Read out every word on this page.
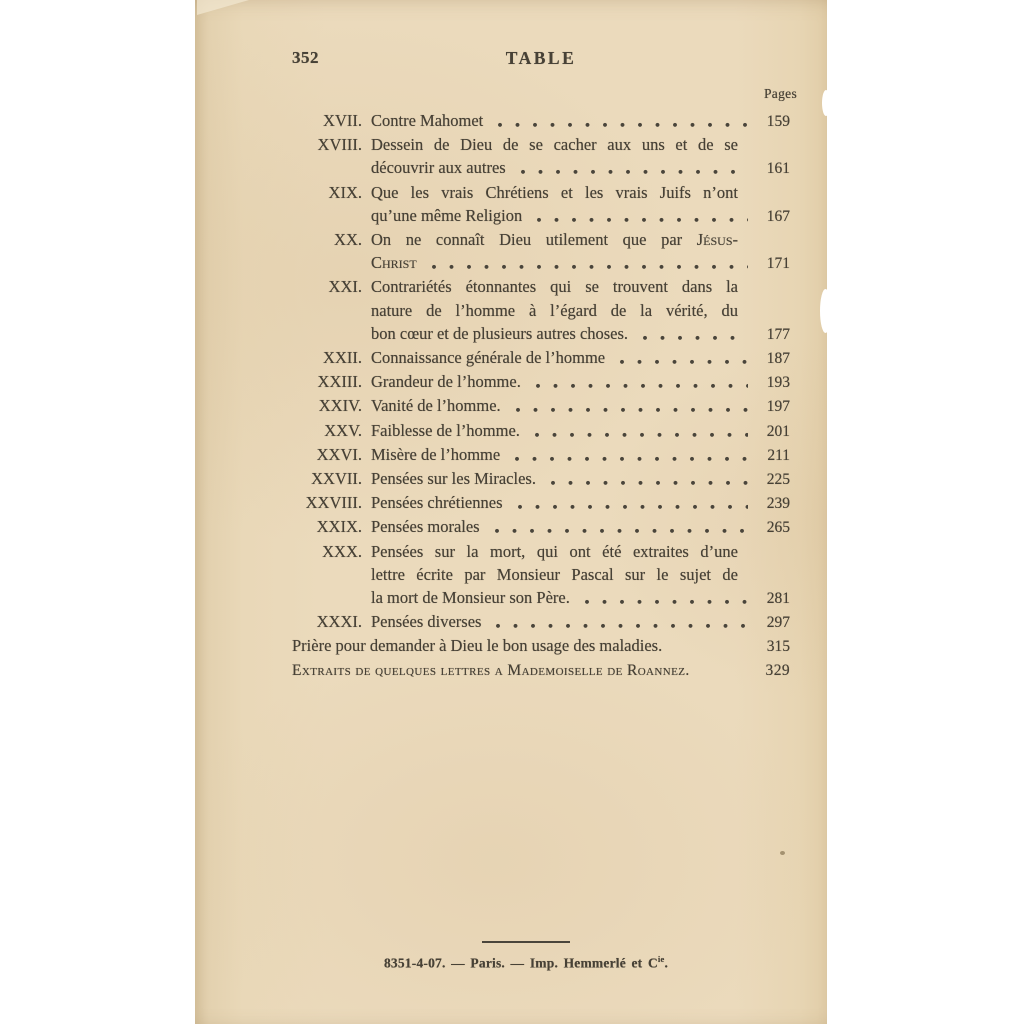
352	TABLE
Pages
XVII. Contre Mahomet	159
XVIII. Dessein de Dieu de se cacher aux uns et de se
découvrir aux autres	161
XIX. Que les vrais Chrétiens et les vrais Juifs n’ont
qu’une même Religion	167
XX. On ne connaît Dieu utilement que par Jésus-
Christ	171
XXI. Contrariétés étonnantes qui se trouvent dans la
nature de l’homme à l’égard de la vérité, du
bon cœur et de plusieurs autres choses.	177
XXII. Connaissance générale de l’homme	187
XXIII. Grandeur de l’homme.	193
XXIV. Vanité de l’homme.	197
XXV. Faiblesse de l’homme.	201
XXVI. Misère de l’homme	211
XXVII. Pensées sur les Miracles.	225
XXVIII. Pensées chrétiennes	239
XXIX. Pensées morales	265
XXX. Pensées sur la mort, qui ont été extraites d’une
lettre écrite par Monsieur Pascal sur le sujet de
la mort de Monsieur son Père.	281
XXXI. Pensées diverses	297
Prière pour demander à Dieu le bon usage des maladies.	315
Extraits de quelques lettres a Mademoiselle de Roannez.	329
8351-4-07. — Paris. — Imp. Hemmerlé et $C^{ie}$.
